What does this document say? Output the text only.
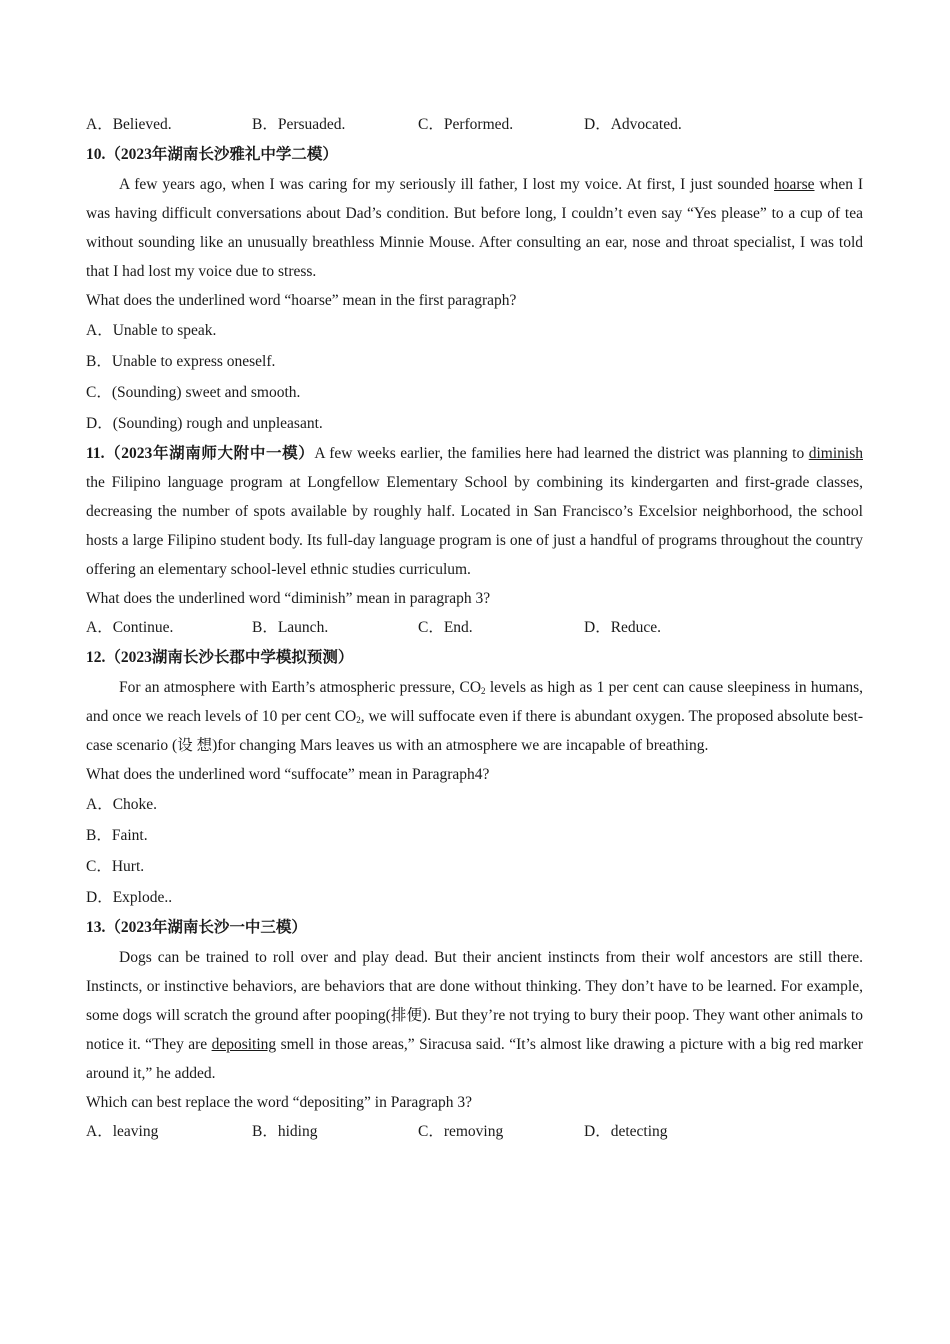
A．Believed.	B．Persuaded.	C．Performed.	D．Advocated.
10.（2023年湖南长沙雅礼中学二模）

A few years ago, when I was caring for my seriously ill father, I lost my voice. At first, I just sounded hoarse when I was having difficult conversations about Dad’s condition. But before long, I couldn’t even say “Yes please” to a cup of tea without sounding like an unusually breathless Minnie Mouse. After consulting an ear, nose and throat specialist, I was told that I had lost my voice due to stress.

What does the underlined word “hoarse” mean in the first paragraph?
A．Unable to speak.
B．Unable to express oneself.
C．(Sounding) sweet and smooth.
D．(Sounding) rough and unpleasant.

11.（2023年湖南师大附中一模）A few weeks earlier, the families here had learned the district was planning to diminish the Filipino language program at Longfellow Elementary School by combining its kindergarten and first-grade classes, decreasing the number of spots available by roughly half. Located in San Francisco’s Excelsior neighborhood, the school hosts a large Filipino student body. Its full-day language program is one of just a handful of programs throughout the country offering an elementary school-level ethnic studies curriculum.

What does the underlined word “diminish” mean in paragraph 3?
A．Continue.	B．Launch.	C．End.	D．Reduce.
12.（2023湖南长沙长郡中学模拟预测）

For an atmosphere with Earth’s atmospheric pressure, $CO_2$ levels as high as 1 per cent can cause sleepiness in humans, and once we reach levels of 10 per cent $CO_2$, we will suffocate even if there is abundant oxygen. The proposed absolute best-case scenario (设 想)for changing Mars leaves us with an atmosphere we are incapable of breathing.

What does the underlined word “suffocate” mean in Paragraph4?
A．Choke.
B．Faint.
C．Hurt.
D．Explode..
13.（2023年湖南长沙一中三模）

Dogs can be trained to roll over and play dead. But their ancient instincts from their wolf ancestors are still there. Instincts, or instinctive behaviors, are behaviors that are done without thinking. They don’t have to be learned. For example, some dogs will scratch the ground after pooping(排便). But they’re not trying to bury their poop. They want other animals to notice it. “They are depositing smell in those areas,” Siracusa said. “It’s almost like drawing a picture with a big red marker around it,” he added.

Which can best replace the word “depositing” in Paragraph 3?
A．leaving	B．hiding	C．removing	D．detecting
